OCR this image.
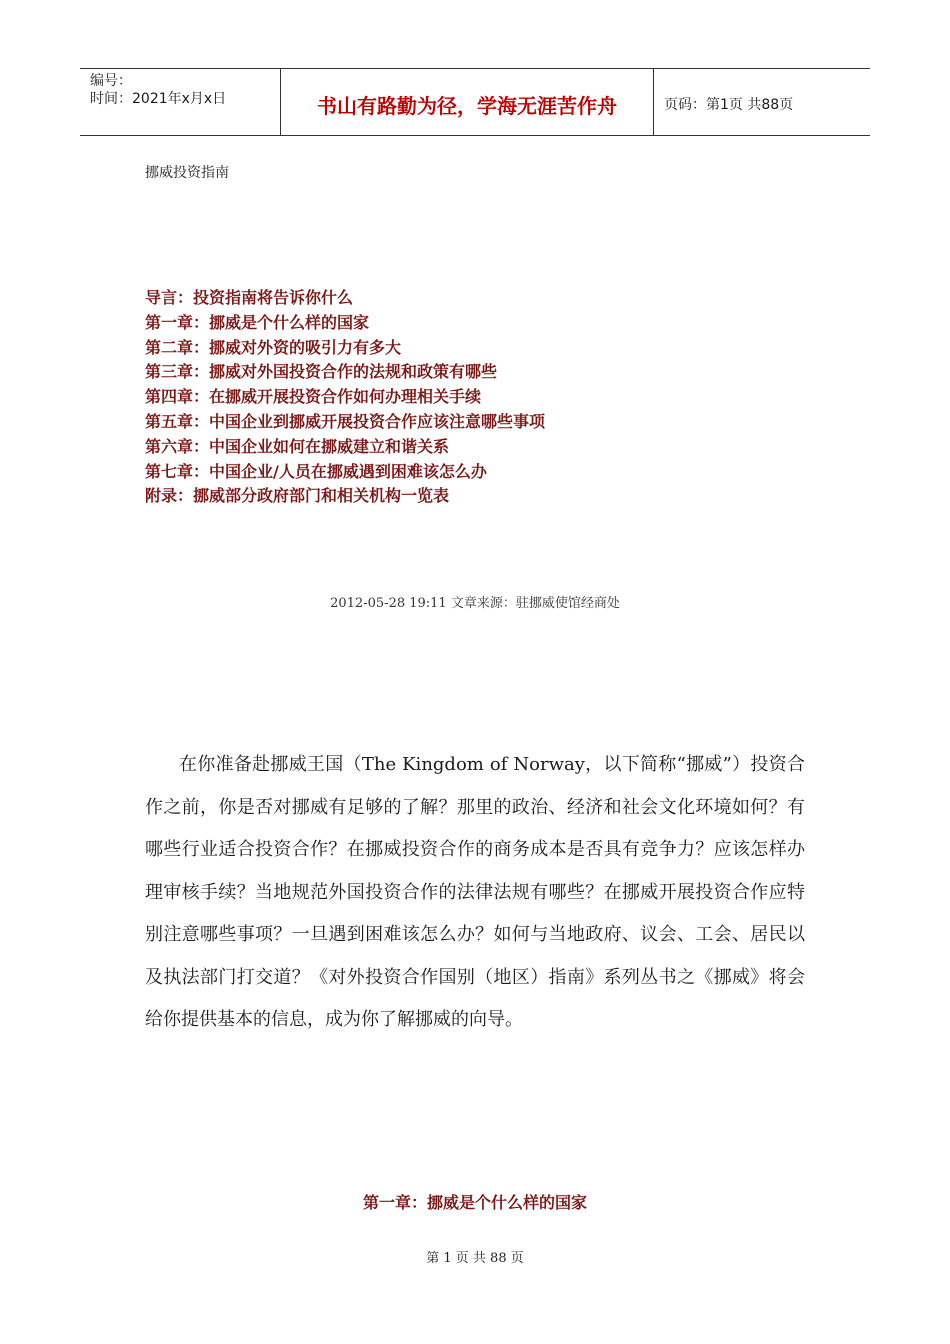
编号：
时间：2021年x月x日	书山有路勤为径，学海无涯苦作舟	页码：第1页 共88页
挪威投资指南
导言：投资指南将告诉你什么
第一章：挪威是个什么样的国家
第二章：挪威对外资的吸引力有多大
第三章：挪威对外国投资合作的法规和政策有哪些
第四章：在挪威开展投资合作如何办理相关手续
第五章：中国企业到挪威开展投资合作应该注意哪些事项
第六章：中国企业如何在挪威建立和谐关系
第七章：中国企业/人员在挪威遇到困难该怎么办
附录：挪威部分政府部门和相关机构一览表
2012-05-28 19:11 文章来源：驻挪威使馆经商处

在你准备赴挪威王国（The Kingdom of Norway，以下简称“挪威”）投资合作之前，你是否对挪威有足够的了解？那里的政治、经济和社会文化环境如何？有哪些行业适合投资合作？在挪威投资合作的商务成本是否具有竞争力？应该怎样办理审核手续？当地规范外国投资合作的法律法规有哪些？在挪威开展投资合作应特别注意哪些事项？一旦遇到困难该怎么办？如何与当地政府、议会、工会、居民以及执法部门打交道？《对外投资合作国别（地区）指南》系列丛书之《挪威》将会给你提供基本的信息，成为你了解挪威的向导。

第一章：挪威是个什么样的国家
第 1 页 共 88 页
